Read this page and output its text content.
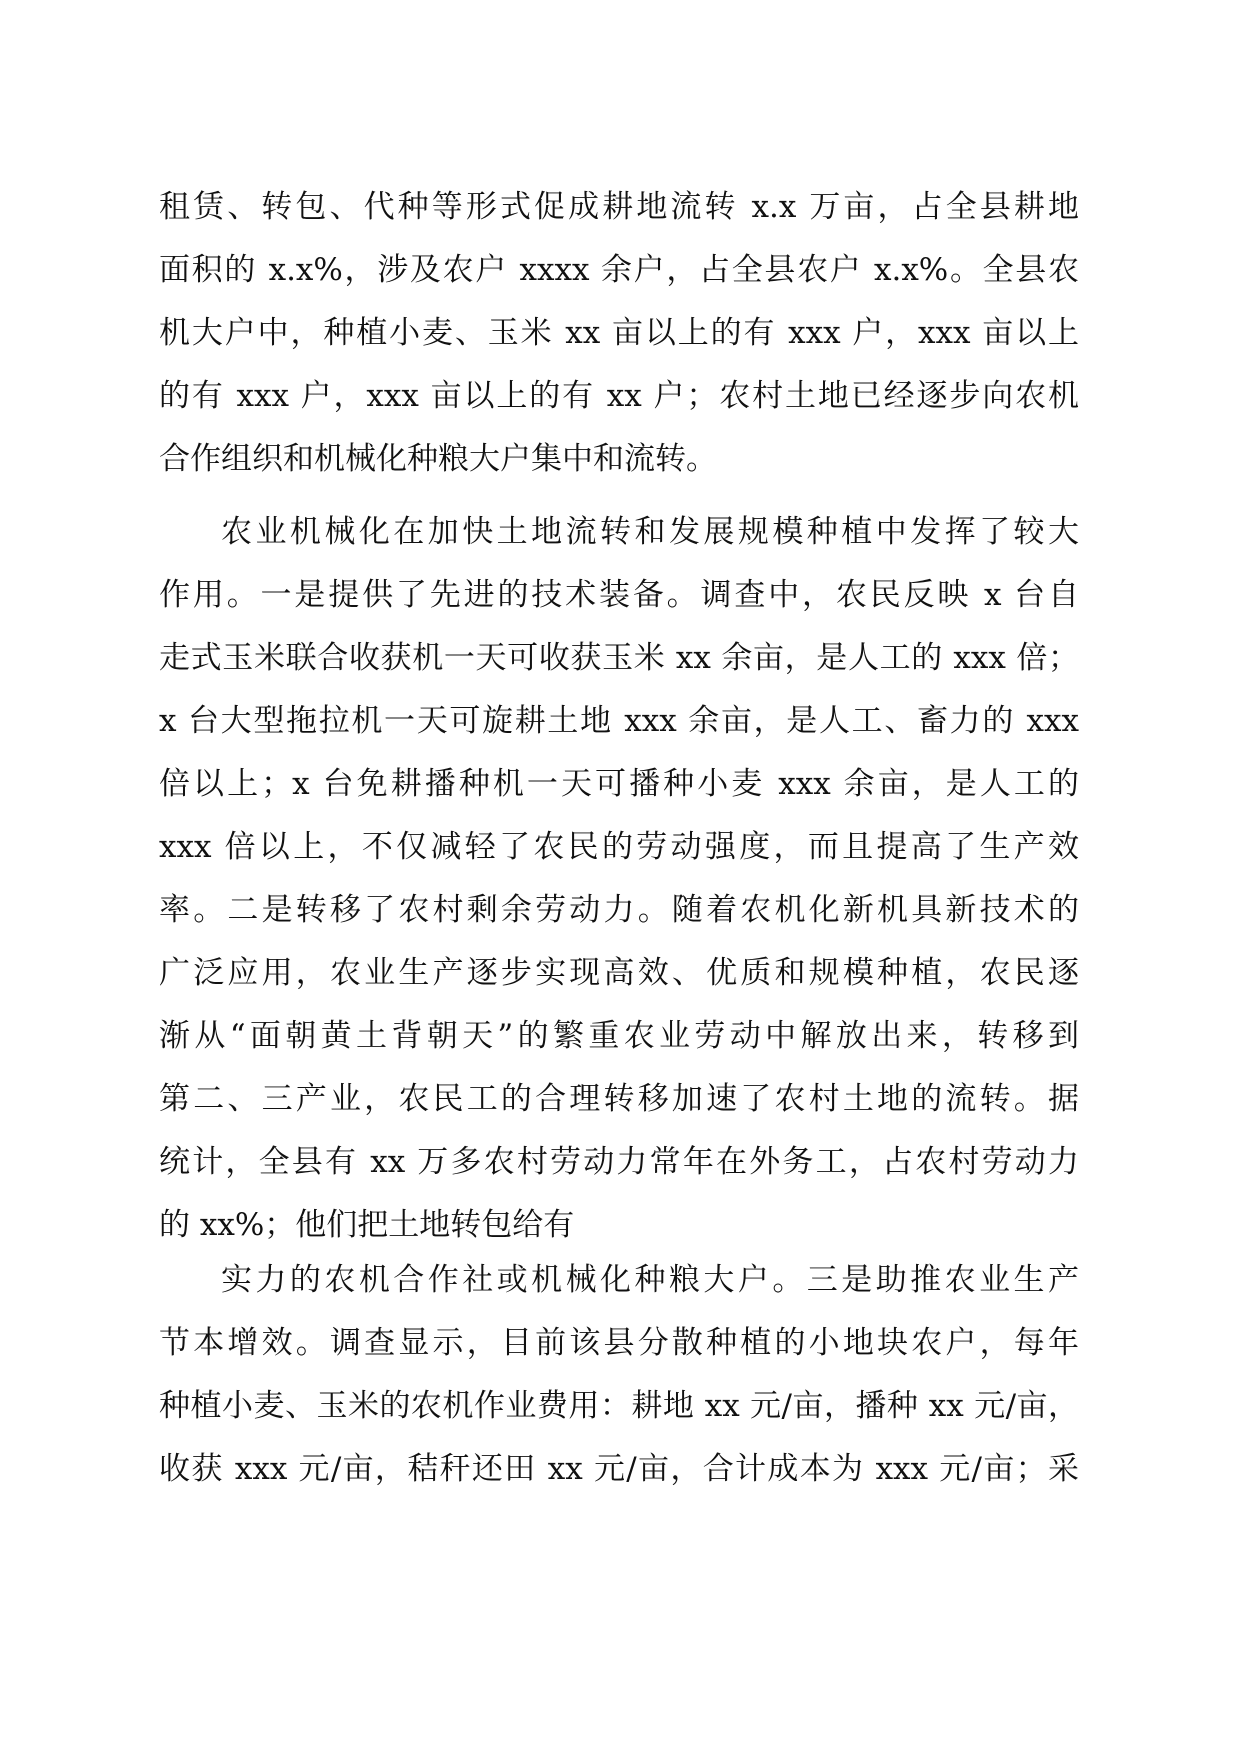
租赁、转包、代种等形式促成耕地流转 x.x 万亩，占全县耕地
面积的 x.x%，涉及农户 xxxx 余户，占全县农户 x.x%。全县农
机大户中，种植小麦、玉米 xx 亩以上的有 xxx 户，xxx 亩以上
的有 xxx 户，xxx 亩以上的有 xx 户；农村土地已经逐步向农机
合作组织和机械化种粮大户集中和流转。
农业机械化在加快土地流转和发展规模种植中发挥了较大
作用。一是提供了先进的技术装备。调查中，农民反映 x 台自
走式玉米联合收获机一天可收获玉米 xx 余亩，是人工的 xxx 倍；
x 台大型拖拉机一天可旋耕土地 xxx 余亩，是人工、畜力的 xxx
倍以上；x 台免耕播种机一天可播种小麦 xxx 余亩，是人工的
xxx 倍以上，不仅减轻了农民的劳动强度，而且提高了生产效
率。二是转移了农村剩余劳动力。随着农机化新机具新技术的
广泛应用，农业生产逐步实现高效、优质和规模种植，农民逐
渐从“面朝黄土背朝天”的繁重农业劳动中解放出来，转移到
第二、三产业，农民工的合理转移加速了农村土地的流转。据
统计，全县有 xx 万多农村劳动力常年在外务工，占农村劳动力
的 xx%；他们把土地转包给有
实力的农机合作社或机械化种粮大户。三是助推农业生产
节本增效。调查显示，目前该县分散种植的小地块农户，每年
种植小麦、玉米的农机作业费用：耕地 xx 元/亩，播种 xx 元/亩，
收获 xxx 元/亩，秸秆还田 xx 元/亩，合计成本为 xxx 元/亩；采
